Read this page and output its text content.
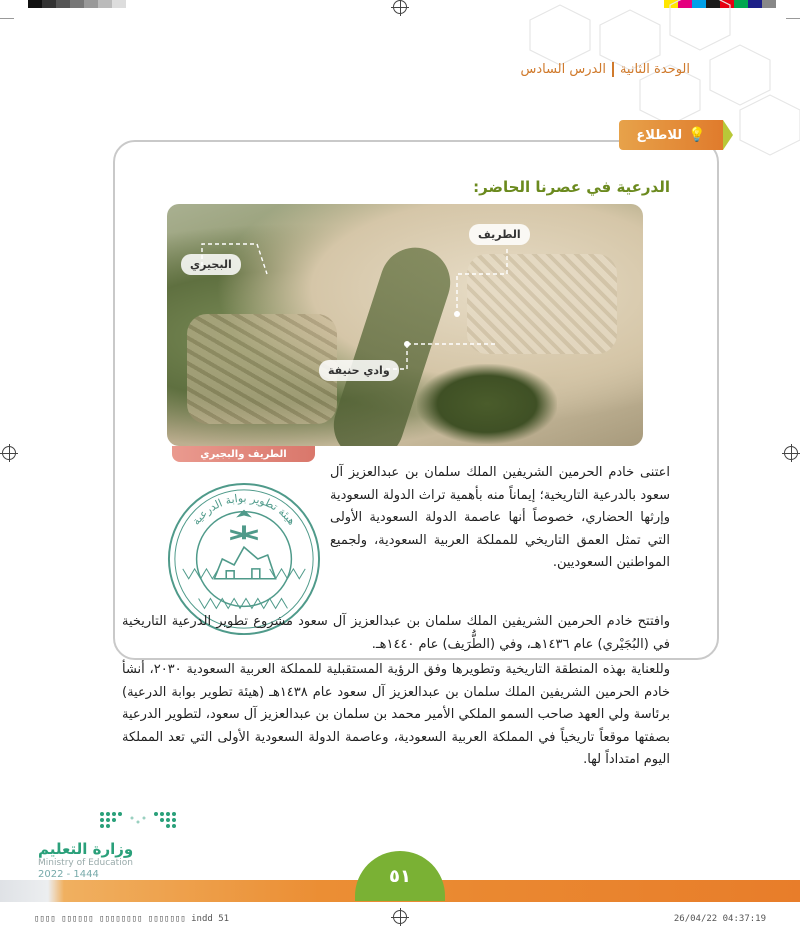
الوحدة الثانيةالدرس السادس
💡
للاطلاع
الدرعية في عصرنا الحاضر:
الطريف
البجيري
وادي حنيفة
الطريف والبجيري
هيئة تطوير بوابة الدرعية
اعتنى خادم الحرمين الشريفين الملك سلمان بن عبدالعزيز آل سعود بالدرعية التاريخية؛ إيماناً منه بأهمية تراث الدولة السعودية وإرثها الحضاري، خصوصاً أنها عاصمة الدولة السعودية الأولى التي تمثل العمق التاريخي للمملكة العربية السعودية، ولجميع المواطنين السعوديين.
وافتتح خادم الحرمين الشريفين الملك سلمان بن عبدالعزيز آل سعود مشروع تطوير الدرعية التاريخية في (البُجَيْري) عام ١٤٣٦هـ، وفي (الطُّرَيف) عام ١٤٤٠هـ.
وللعناية بهذه المنطقة التاريخية وتطويرها وفق الرؤية المستقبلية للمملكة العربية السعودية ٢٠٣٠، أنشأ خادم الحرمين الشريفين الملك سلمان بن عبدالعزيز آل سعود عام ١٤٣٨هـ (هيئة تطوير بوابة الدرعية) برئاسة ولي العهد صاحب السمو الملكي الأمير محمد بن سلمان بن عبدالعزيز آل سعود، لتطوير الدرعية بصفتها موقعاً تاريخياً في المملكة العربية السعودية، وعاصمة الدولة السعودية الأولى التي تعد المملكة اليوم امتداداً لها.
وزارة التعليم
Ministry of Education
2022 - 1444	٥١
▯▯▯▯ ▯▯▯▯▯▯ ▯▯▯▯▯▯▯▯ ▯▯▯▯▯▯▯ indd 51	26/04/22 04:37:19
